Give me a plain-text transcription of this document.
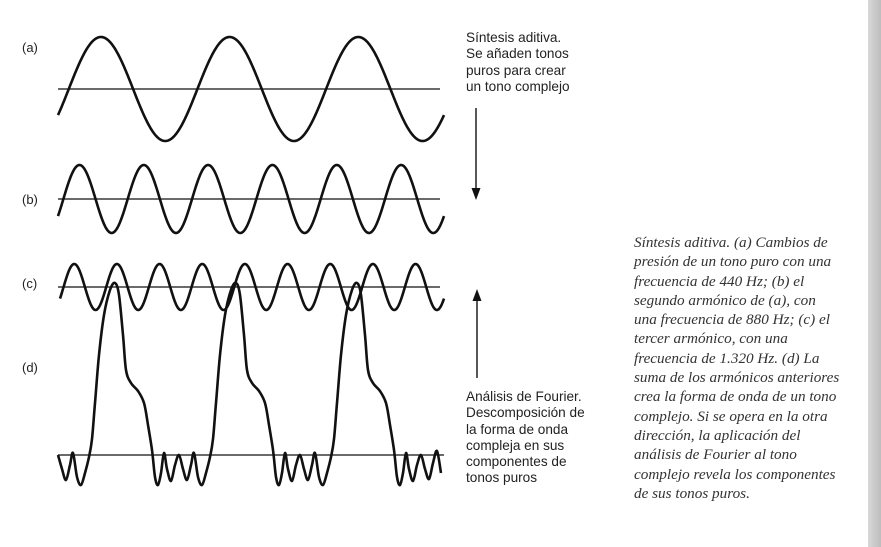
(a)
(b)
(c)
(d)
Síntesis aditiva.
Se añaden tonos
puros para crear
un tono complejo
Análisis de Fourier.
Descomposición de
la forma de onda
compleja en sus
componentes de
tonos puros
Síntesis aditiva. (a) Cambios de
presión de un tono puro con una
frecuencia de 440 Hz; (b) el
segundo armónico de (a), con
una frecuencia de 880 Hz; (c) el
tercer armónico, con una
frecuencia de 1.320 Hz. (d) La
suma de los armónicos anteriores
crea la forma de onda de un tono
complejo. Si se opera en la otra
dirección, la aplicación del
análisis de Fourier al tono
complejo revela los componentes
de sus tonos puros.
